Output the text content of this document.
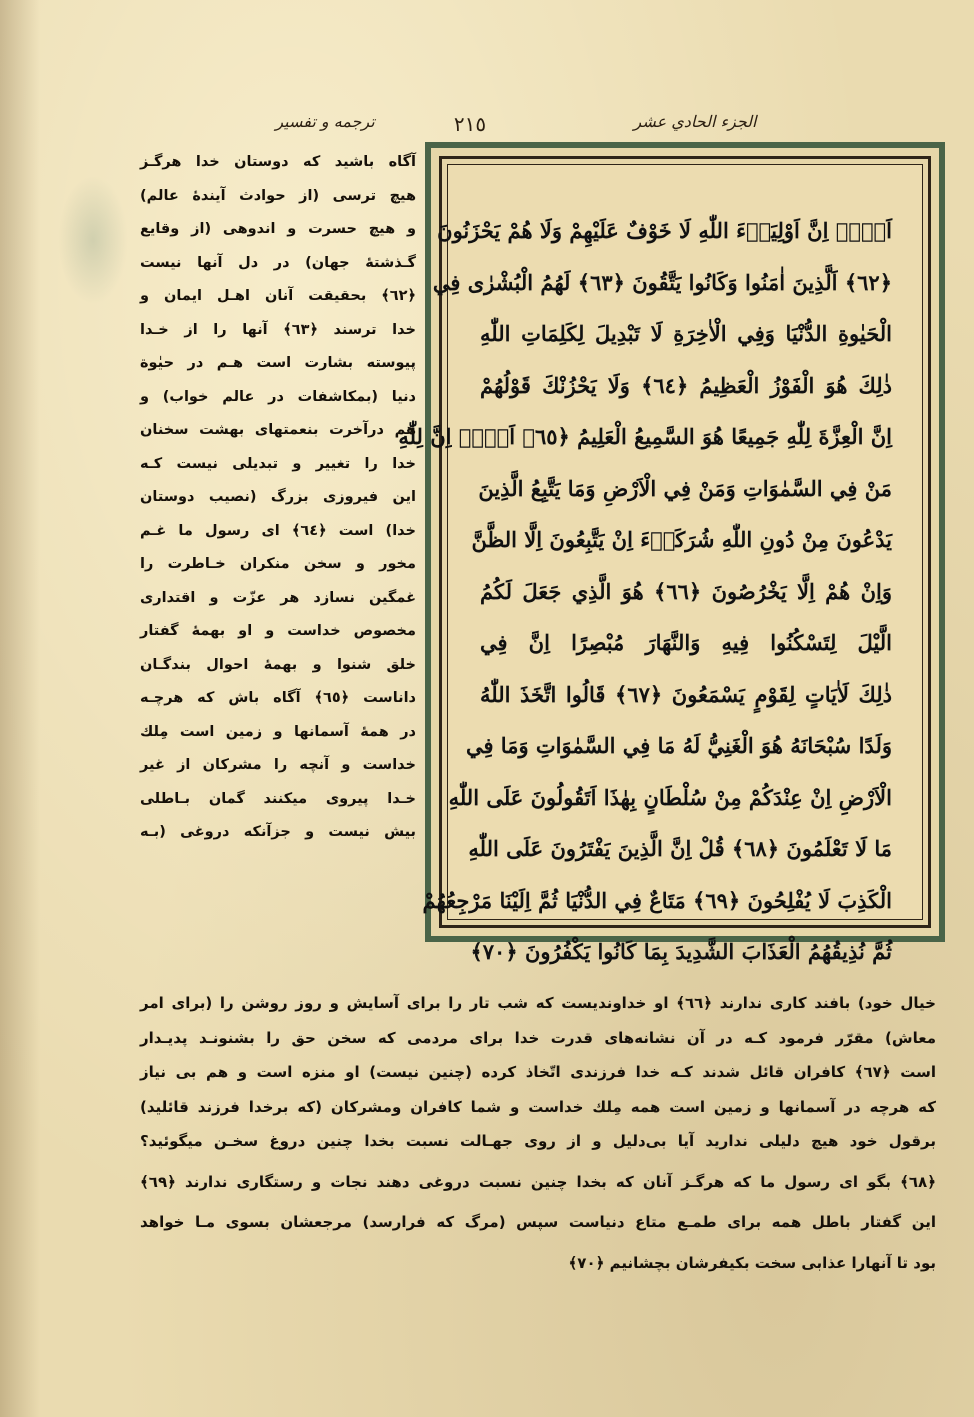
ترجمه و تفسیر	٢١٥	الجزء الحادي عشر
اَلَاۤ اِنَّ اَوْلِيَاۤءَ اللّٰهِ لَا خَوْفٌ عَلَيْهِمْ وَلَا هُمْ يَحْزَنُونَ
﴿٦٢﴾ اَلَّذِينَ اٰمَنُوا وَكَانُوا يَتَّقُونَ ﴿٦٣﴾ لَهُمُ الْبُشْرٰى فِي
الْحَيٰوةِ الدُّنْيَا وَفِي الْاٰخِرَةِ لَا تَبْدِيلَ لِكَلِمَاتِ اللّٰهِ
ذٰلِكَ هُوَ الْفَوْزُ الْعَظِيمُ ﴿٦٤﴾ وَلَا يَحْزُنْكَ قَوْلُهُمْ
اِنَّ الْعِزَّةَ لِلّٰهِ جَمِيعًا هُوَ السَّمِيعُ الْعَلِيمُ ﴿٦٥﴾ اَلَاۤ اِنَّ لِلّٰهِ
مَنْ فِي السَّمٰوَاتِ وَمَنْ فِي الْاَرْضِ وَمَا يَتَّبِعُ الَّذِينَ
يَدْعُونَ مِنْ دُونِ اللّٰهِ شُرَكَاۤءَ اِنْ يَتَّبِعُونَ اِلَّا الظَّنَّ
وَاِنْ هُمْ اِلَّا يَخْرُصُونَ ﴿٦٦﴾ هُوَ الَّذِي جَعَلَ لَكُمُ
الَّيْلَ لِتَسْكُنُوا فِيهِ وَالنَّهَارَ مُبْصِرًا اِنَّ فِي
ذٰلِكَ لَاٰيَاتٍ لِقَوْمٍ يَسْمَعُونَ ﴿٦٧﴾ قَالُوا اتَّخَذَ اللّٰهُ
وَلَدًا سُبْحَانَهُ هُوَ الْغَنِيُّ لَهُ مَا فِي السَّمٰوَاتِ وَمَا فِي
الْاَرْضِ اِنْ عِنْدَكُمْ مِنْ سُلْطَانٍ بِهٰذَا اَتَقُولُونَ عَلَى اللّٰهِ
مَا لَا تَعْلَمُونَ ﴿٦٨﴾ قُلْ اِنَّ الَّذِينَ يَفْتَرُونَ عَلَى اللّٰهِ
الْكَذِبَ لَا يُفْلِحُونَ ﴿٦٩﴾ مَتَاعٌ فِي الدُّنْيَا ثُمَّ اِلَيْنَا مَرْجِعُهُمْ
ثُمَّ نُذِيقُهُمُ الْعَذَابَ الشَّدِيدَ بِمَا كَانُوا يَكْفُرُونَ ﴿٧٠﴾
آگاه باشید که دوستان خدا هرگـز
هیچ ترسی (از حوادث آیندهٔ عالم)
و هیچ حسرت و اندوهی (از وقایع
گـذشتهٔ جهان) در دل آنها نیست
﴿٦٢﴾ بحقیقت آنان اهـل ایمان و
خدا ترسند ﴿٦٣﴾ آنها را از خـدا
پیوسته بشارت است هـم در حیٰوة
دنیا (بمکاشفات در عالم خواب) و
هم درآخرت بنعمتهای بهشت سخنان
خدا را تغییر و تبدیلی نیست کـه
این فیروزی بزرگ (نصیب دوستان
خدا) است ﴿٦٤﴾ ای رسول ما غـم
مخور و سخن منکران خـاطرت را
غمگین نسازد هر عزّت و اقتداری
مخصوص خداست و او بهمهٔ گفتار
خلق شنوا و بهمهٔ احوال بندگـان
داناست ﴿٦٥﴾ آگاه باش که هرچـه
در همهٔ آسمانها و زمین است مِلك
خداست و آنچه را مشرکان از غیر
خـدا پیروی میکنند گمان بـاطلی
بیش نیست و جزآنکه دروغی (بـه
خیال خود) بافند کاری ندارند ﴿٦٦﴾ او خداوندیست که شب تار را برای آسایش و روز روشن را (برای امر
معاش) مقرّر فرمود کـه در آن نشانه‌های قدرت خدا برای مردمی که سخن حق را بشنونـد پدیـدار
است ﴿٦٧﴾ کافران قائل شدند کـه خدا فرزندی اتّخاذ کرده (چنین نیست) او منزه است و هم بی نیاز
که هرچه در آسمانها و زمین است همه مِلك خداست و شما کافران ومشرکان (که برخدا فرزند قائلید)
برقول خود هیچ دلیلی ندارید آیا بی‌دلیل و از روی جهـالت نسبت بخدا چنین دروغ سخـن میگوئید؟
﴿٦٨﴾ بگو ای رسول ما که هرگـز آنان که بخدا چنین نسبت دروغی دهند نجات و رستگاری ندارند ﴿٦٩﴾
این گفتار باطل همه برای طمـع متاع دنیاست سپس (مرگ که فرارسد) مرجعشان بسوی مـا خواهد
بود تا آنهارا عذابی سخت بکیفرشان بچشانیم ﴿٧٠﴾
